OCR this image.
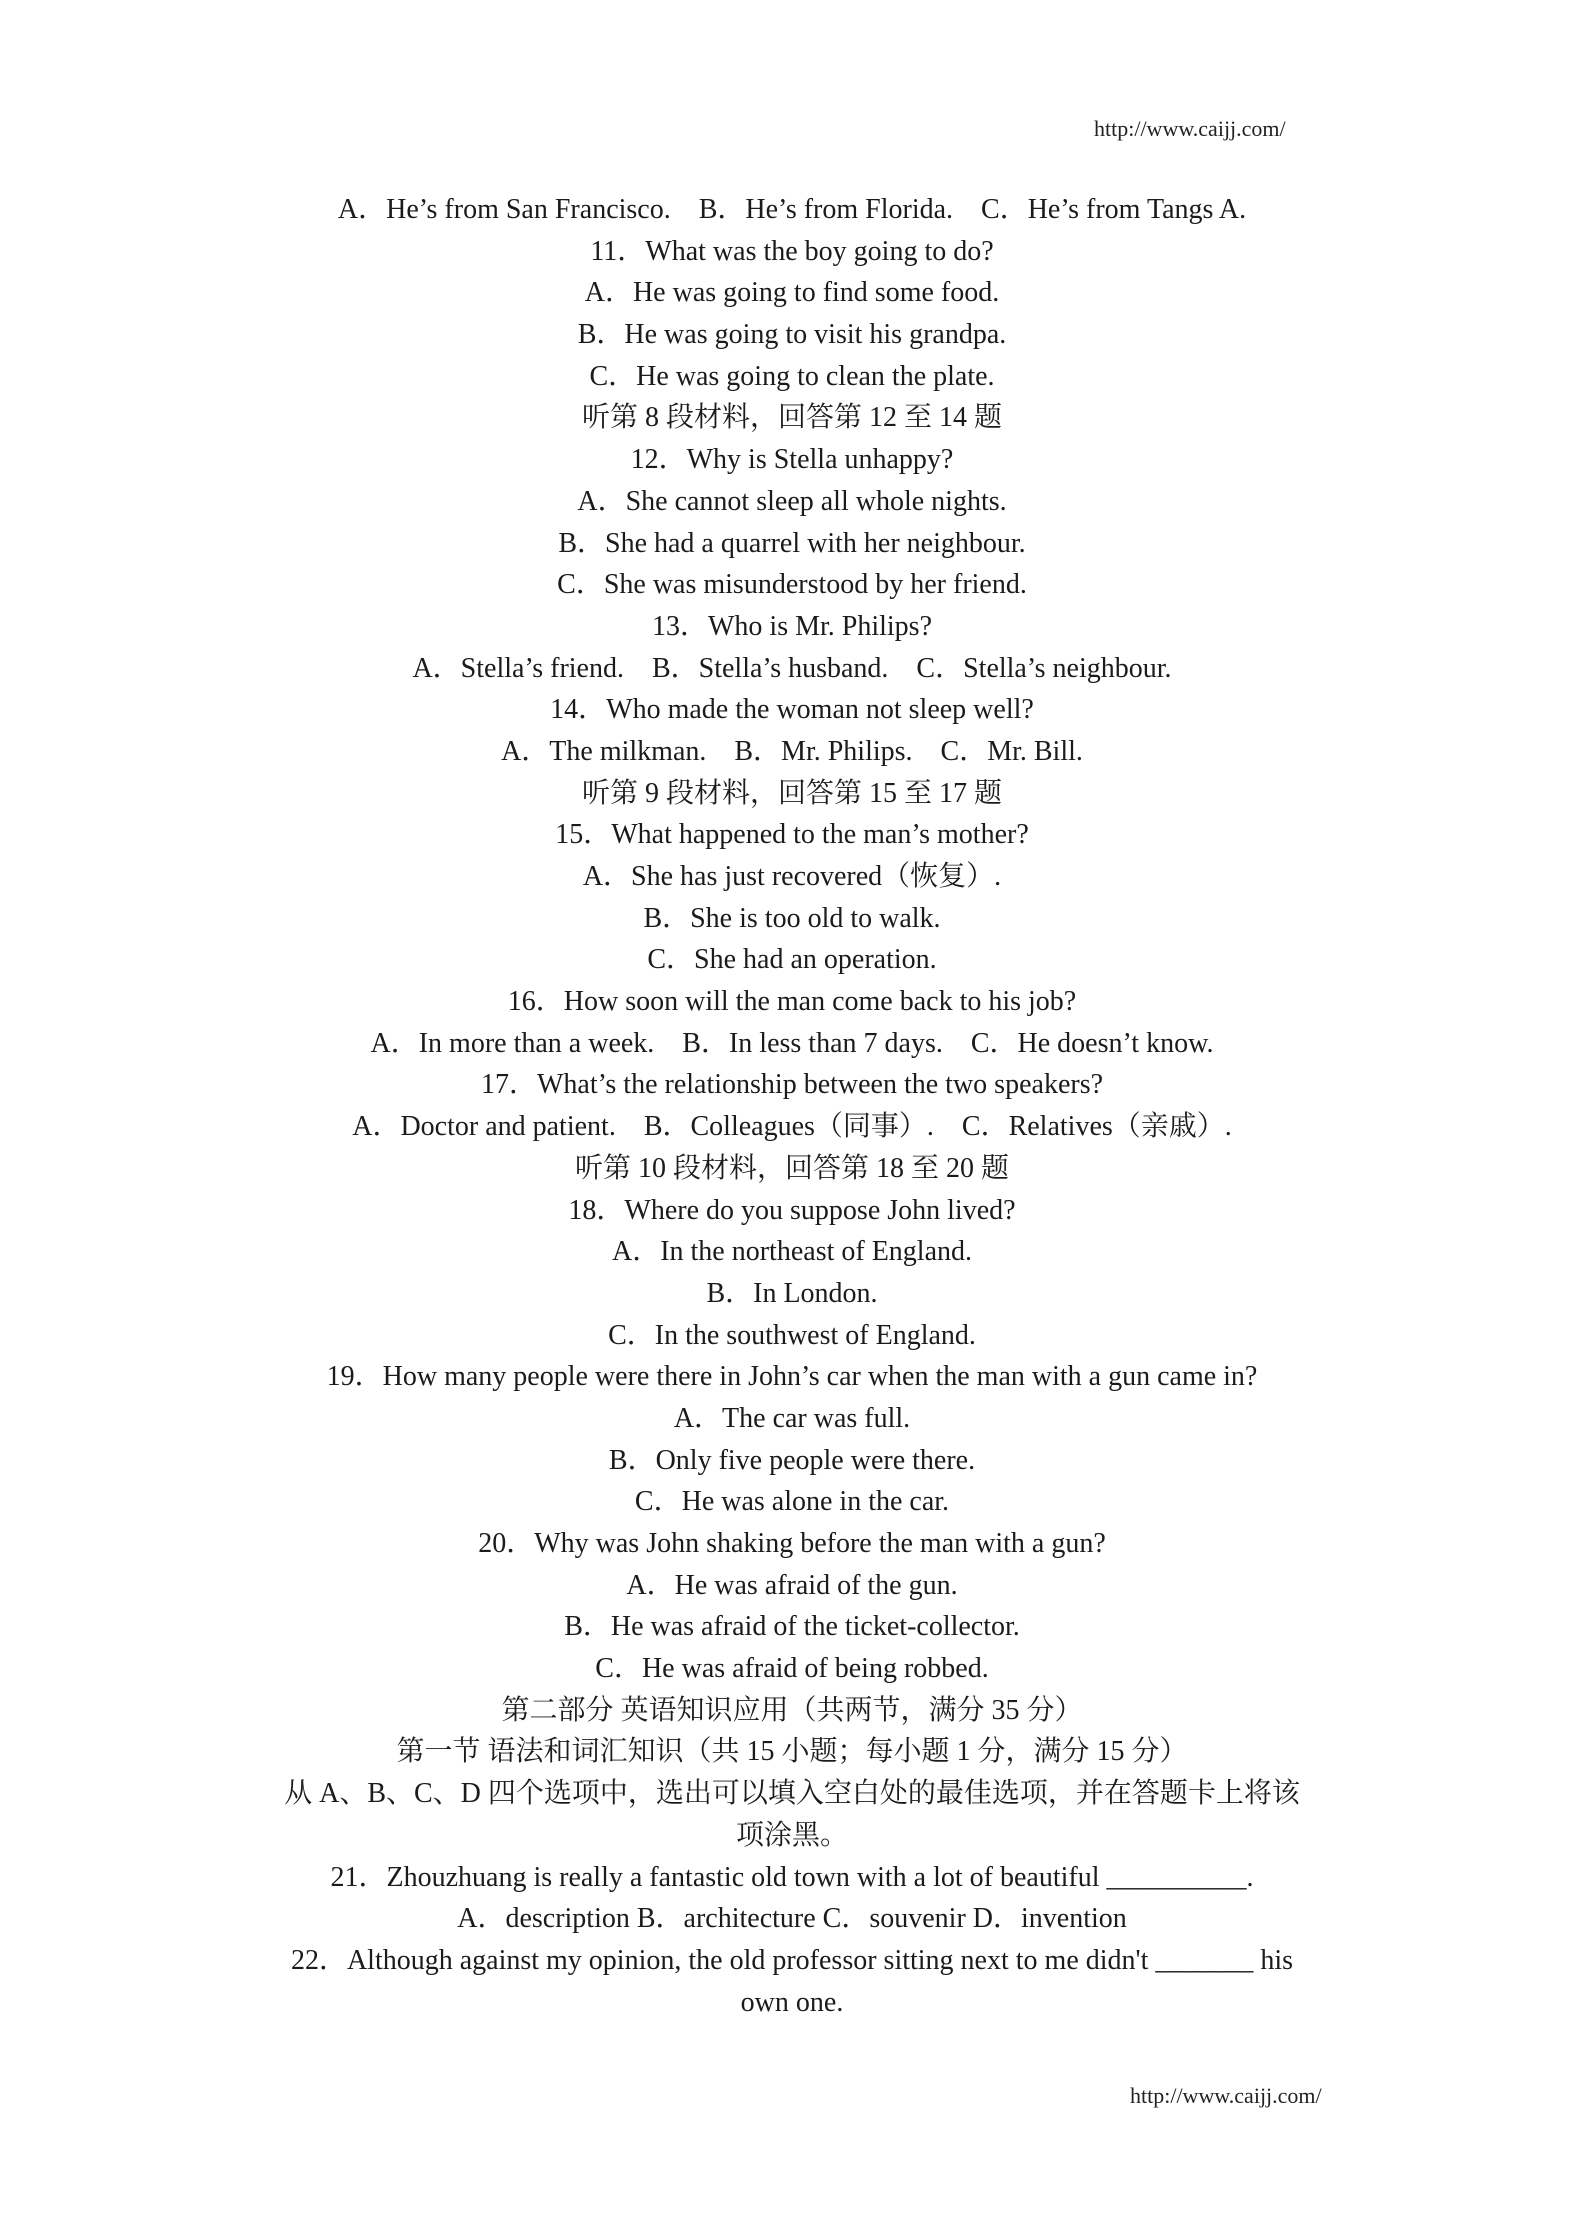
http://www.caijj.com/
A．He’s from San Francisco.　B．He’s from Florida.　C．He’s from Tangs A.
11．What was the boy going to do?
A．He was going to find some food.
B．He was going to visit his grandpa.
C．He was going to clean the plate.
听第 8 段材料，回答第 12 至 14 题
12．Why is Stella unhappy?
A．She cannot sleep all whole nights.
B．She had a quarrel with her neighbour.
C．She was misunderstood by her friend.
13．Who is Mr. Philips?
A．Stella’s friend.　B．Stella’s husband.　C．Stella’s neighbour.
14．Who made the woman not sleep well?
A．The milkman.　B．Mr. Philips.　C．Mr. Bill.
听第 9 段材料，回答第 15 至 17 题
15．What happened to the man’s mother?
A．She has just recovered（恢复）.
B．She is too old to walk.
C．She had an operation.
16．How soon will the man come back to his job?
A．In more than a week.　B．In less than 7 days.　C．He doesn’t know.
17．What’s the relationship between the two speakers?
A．Doctor and patient.　B．Colleagues（同事）.　C．Relatives（亲戚）.
听第 10 段材料，回答第 18 至 20 题
18．Where do you suppose John lived?
A．In the northeast of England.
B．In London.
C．In the southwest of England.
19．How many people were there in John’s car when the man with a gun came in?
A．The car was full.
B．Only five people were there.
C．He was alone in the car.
20．Why was John shaking before the man with a gun?
A．He was afraid of the gun.
B．He was afraid of the ticket-collector.
C．He was afraid of being robbed.
第二部分 英语知识应用（共两节，满分 35 分）
第一节 语法和词汇知识（共 15 小题；每小题 1 分，满分 15 分）
从 A、B、C、D 四个选项中，选出可以填入空白处的最佳选项，并在答题卡上将该
项涂黑。
21．Zhouzhuang is really a fantastic old town with a lot of beautiful __________.
A．description B．architecture C．souvenir D．invention
22．Although against my opinion, the old professor sitting next to me didn't _______ his
own one.
http://www.caijj.com/
